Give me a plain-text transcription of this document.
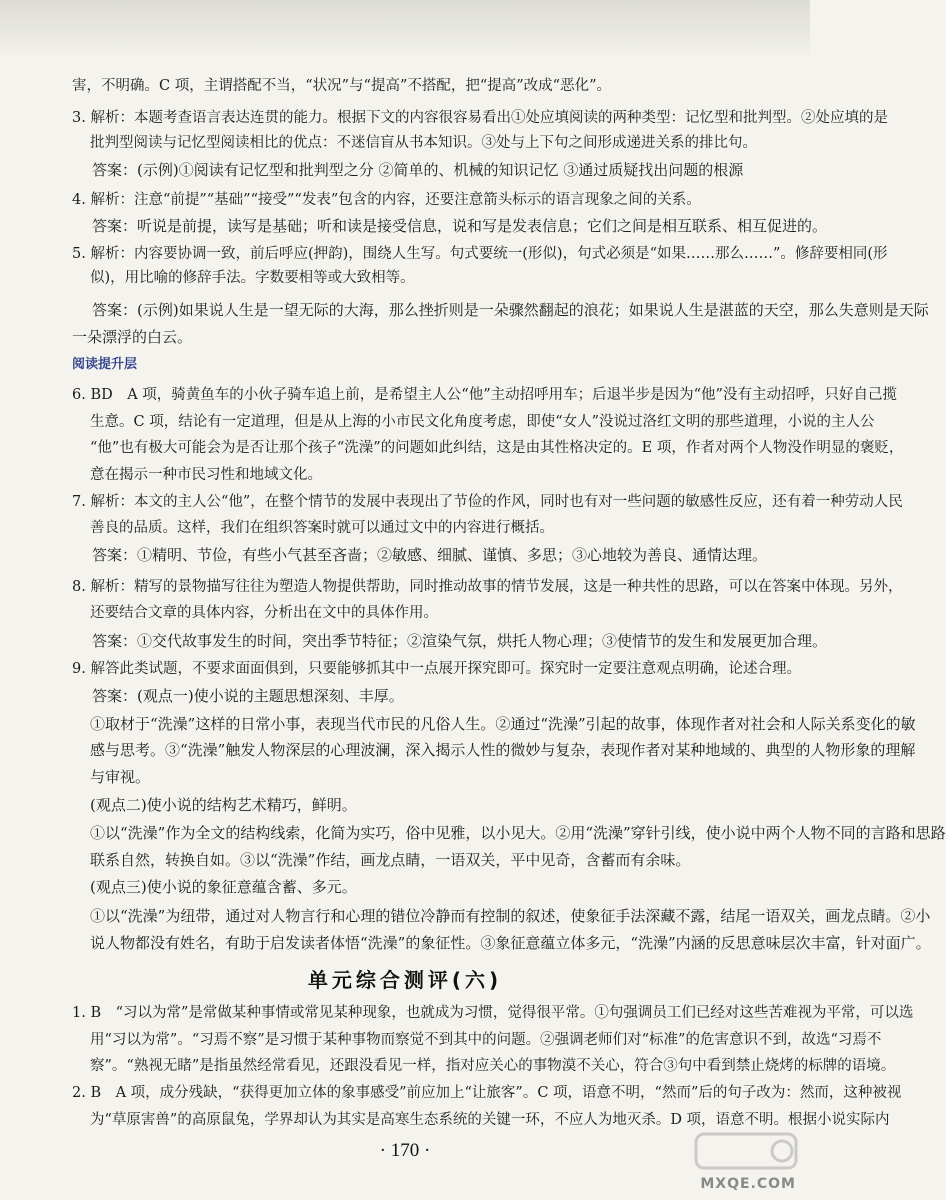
害，不明确。C 项，主谓搭配不当，“状况”与“提高”不搭配，把“提高”改成“恶化”。
3. 解析：本题考查语言表达连贯的能力。根据下文的内容很容易看出①处应填阅读的两种类型：记忆型和批判型。②处应填的是
批判型阅读与记忆型阅读相比的优点：不迷信盲从书本知识。③处与上下句之间形成递进关系的排比句。
答案：(示例)①阅读有记忆型和批判型之分 ②简单的、机械的知识记忆 ③通过质疑找出问题的根源
4. 解析：注意“前提”“基础”“接受”“发表”包含的内容，还要注意箭头标示的语言现象之间的关系。
答案：听说是前提，读写是基础；听和读是接受信息，说和写是发表信息；它们之间是相互联系、相互促进的。
5. 解析：内容要协调一致，前后呼应(押韵)，围绕人生写。句式要统一(形似)，句式必须是“如果……那么……”。修辞要相同(形
似)，用比喻的修辞手法。字数要相等或大致相等。
答案：(示例)如果说人生是一望无际的大海，那么挫折则是一朵骤然翻起的浪花；如果说人生是湛蓝的天空，那么失意则是天际
一朵漂浮的白云。
阅读提升层
6. BD　A 项，骑黄鱼车的小伙子骑车追上前，是希望主人公“他”主动招呼用车；后退半步是因为“他”没有主动招呼，只好自己揽
生意。C 项，结论有一定道理，但是从上海的小市民文化角度考虑，即使“女人”没说过洛红文明的那些道理，小说的主人公
“他”也有极大可能会为是否让那个孩子“洗澡”的问题如此纠结，这是由其性格决定的。E 项，作者对两个人物没作明显的褒贬，
意在揭示一种市民习性和地域文化。
7. 解析：本文的主人公“他”，在整个情节的发展中表现出了节俭的作风，同时也有对一些问题的敏感性反应，还有着一种劳动人民
善良的品质。这样，我们在组织答案时就可以通过文中的内容进行概括。
答案：①精明、节俭，有些小气甚至吝啬；②敏感、细腻、谨慎、多思；③心地较为善良、通情达理。
8. 解析：精写的景物描写往往为塑造人物提供帮助，同时推动故事的情节发展，这是一种共性的思路，可以在答案中体现。另外，
还要结合文章的具体内容，分析出在文中的具体作用。
答案：①交代故事发生的时间，突出季节特征；②渲染气氛，烘托人物心理；③使情节的发生和发展更加合理。
9. 解答此类试题，不要求面面俱到，只要能够抓其中一点展开探究即可。探究时一定要注意观点明确，论述合理。
答案：(观点一)使小说的主题思想深刻、丰厚。
①取材于“洗澡”这样的日常小事，表现当代市民的凡俗人生。②通过“洗澡”引起的故事，体现作者对社会和人际关系变化的敏
感与思考。③“洗澡”触发人物深层的心理波澜，深入揭示人性的微妙与复杂，表现作者对某种地域的、典型的人物形象的理解
与审视。
(观点二)使小说的结构艺术精巧，鲜明。
①以“洗澡”作为全文的结构线索，化简为实巧，俗中见雅，以小见大。②用“洗澡”穿针引线，使小说中两个人物不同的言路和思路
联系自然，转换自如。③以“洗澡”作结，画龙点睛，一语双关，平中见奇，含蓄而有余味。
(观点三)使小说的象征意蕴含蓄、多元。
①以“洗澡”为纽带，通过对人物言行和心理的错位冷静而有控制的叙述，使象征手法深藏不露，结尾一语双关，画龙点睛。②小
说人物都没有姓名，有助于启发读者体悟“洗澡”的象征性。③象征意蕴立体多元，“洗澡”内涵的反思意味层次丰富，针对面广。
单元综合测评(六)
1. B　“习以为常”是常做某种事情或常见某种现象，也就成为习惯，觉得很平常。①句强调员工们已经对这些苦难视为平常，可以选
用“习以为常”。“习焉不察”是习惯于某种事物而察觉不到其中的问题。②强调老师们对“标准”的危害意识不到，故选“习焉不
察”。“熟视无睹”是指虽然经常看见，还跟没看见一样，指对应关心的事物漠不关心，符合③句中看到禁止烧烤的标牌的语境。
2. B　A 项，成分残缺，“获得更加立体的象事感受”前应加上“让旅客”。C 项，语意不明，“然而”后的句子改为：然而，这种被视
为“草原害兽”的高原鼠兔，学界却认为其实是高寒生态系统的关键一环，不应人为地灭杀。D 项，语意不明。根据小说实际内
· 170 ·
MXQE.COM
